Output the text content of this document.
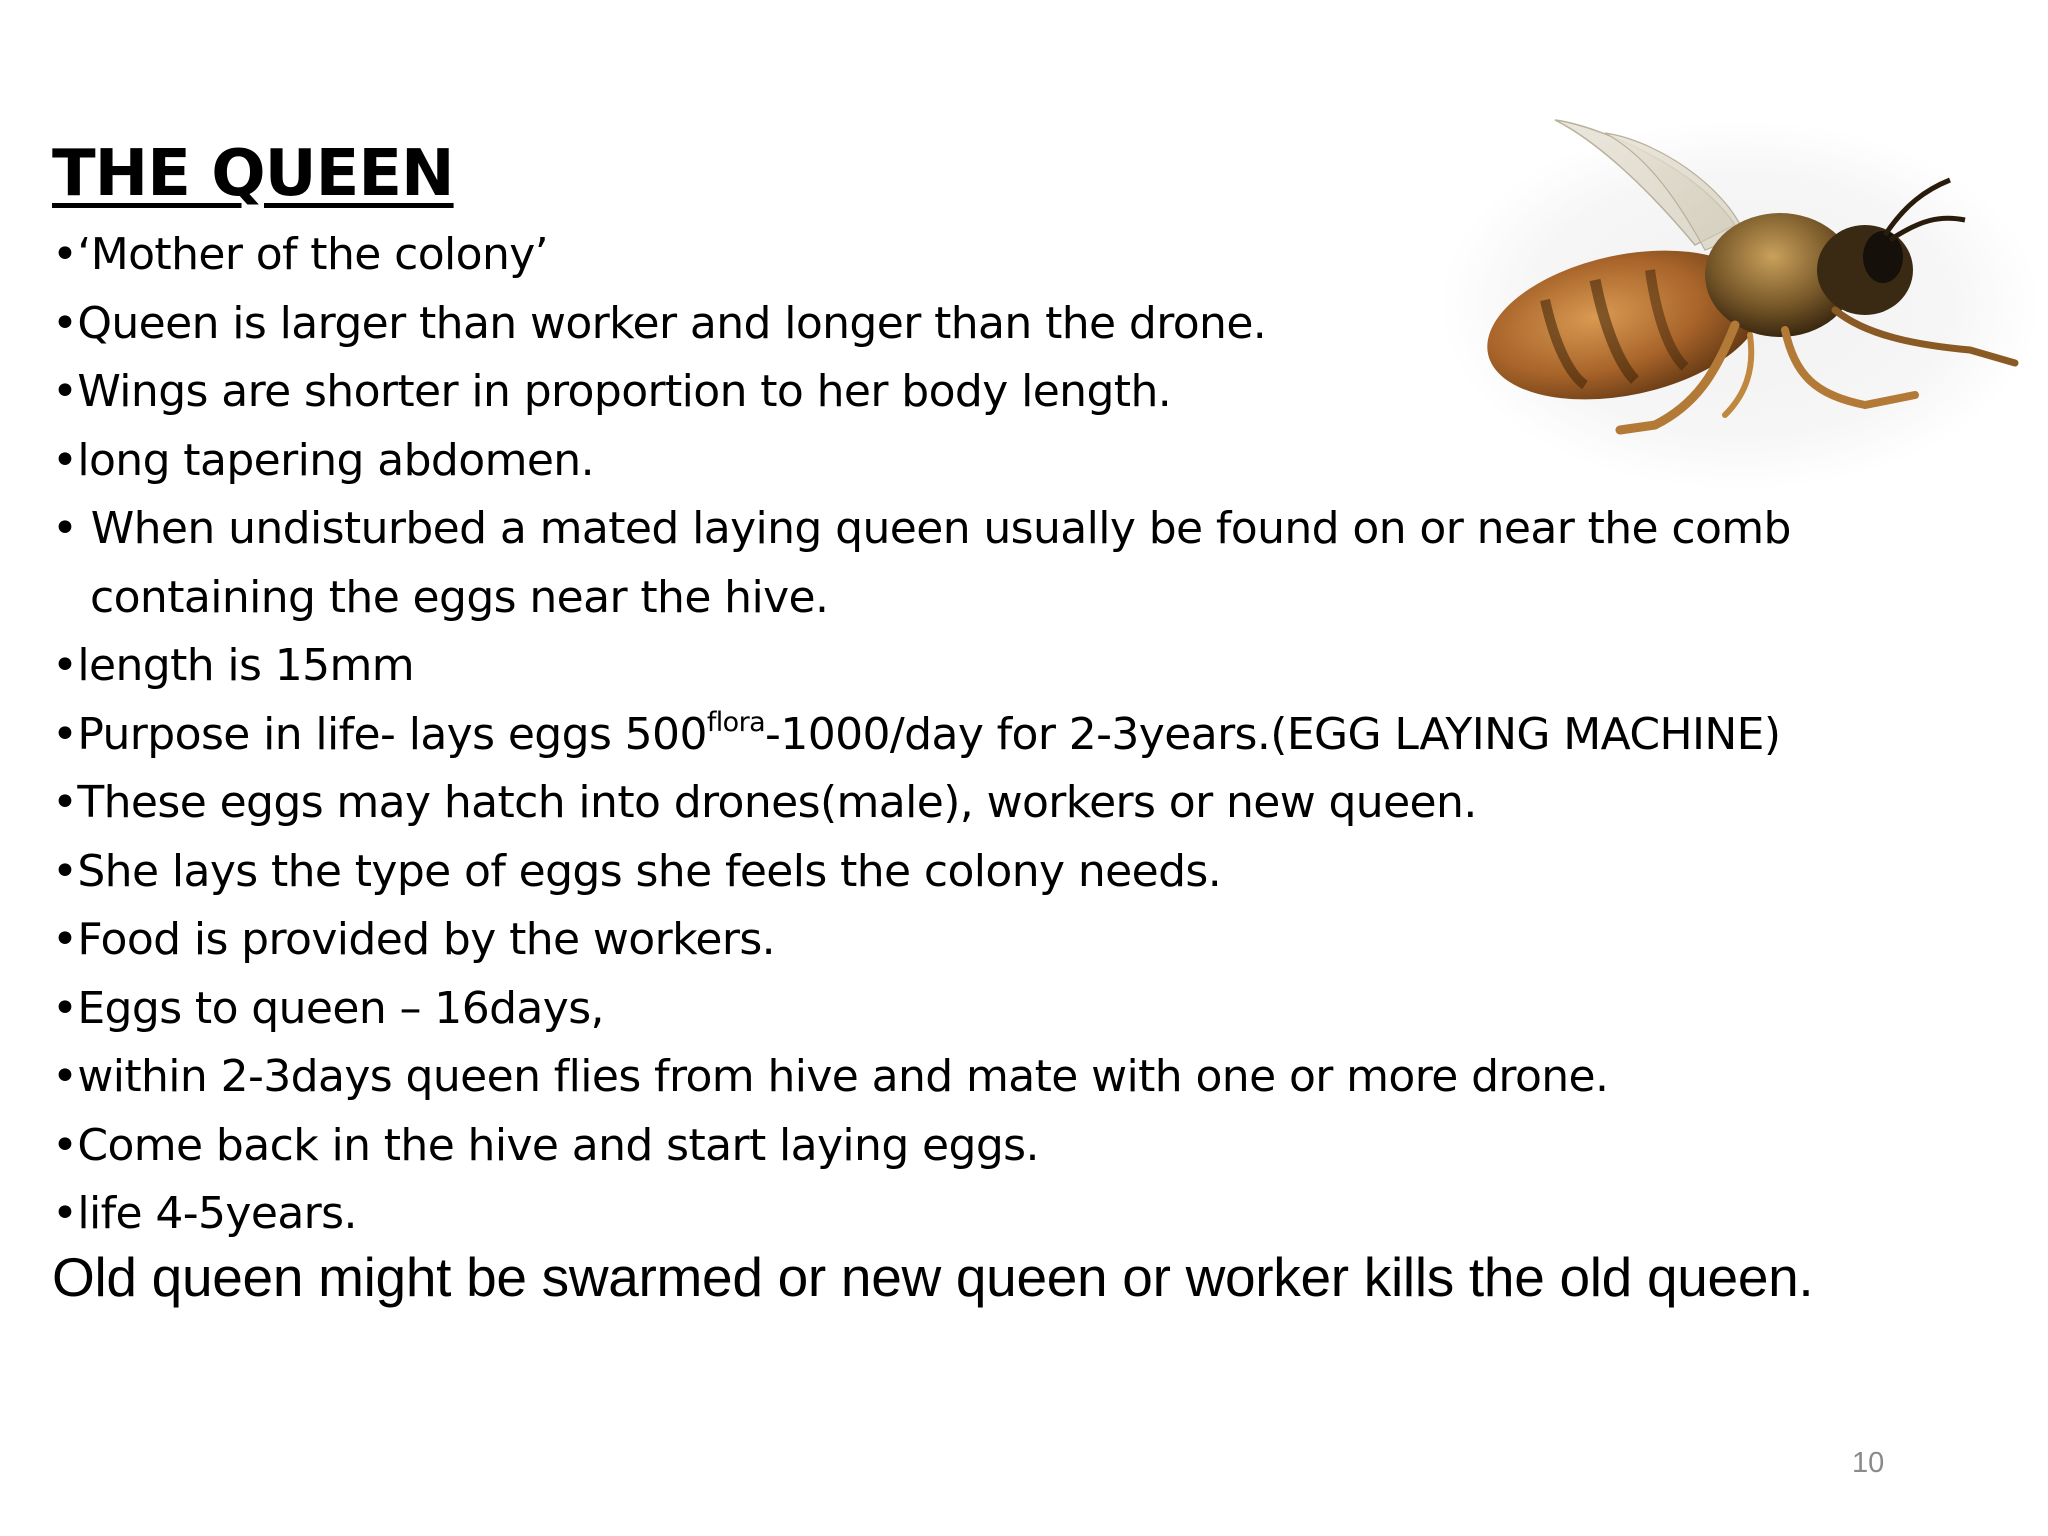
THE QUEEN
•‘Mother of the colony’
•Queen is larger than worker and longer than the drone.
•Wings are shorter in proportion to her body length.
•long tapering abdomen.
• When undisturbed a mated laying queen usually be found on or near the comb
containing the eggs near the hive.
•length is 15mm
•Purpose in life- lays eggs $500^{flora}-1000$/day for 2-3years.(EGG LAYING MACHINE)
•These eggs may hatch into drones(male), workers or new queen.
•She lays the type of eggs she feels the colony needs.
•Food is provided by the workers.
•Eggs to queen – 16days,
•within 2-3days queen flies from hive and mate with one or more drone.
•Come back in the hive and start laying eggs.
•life 4-5years.
Old queen might be swarmed or new queen or worker kills the old queen.
10
